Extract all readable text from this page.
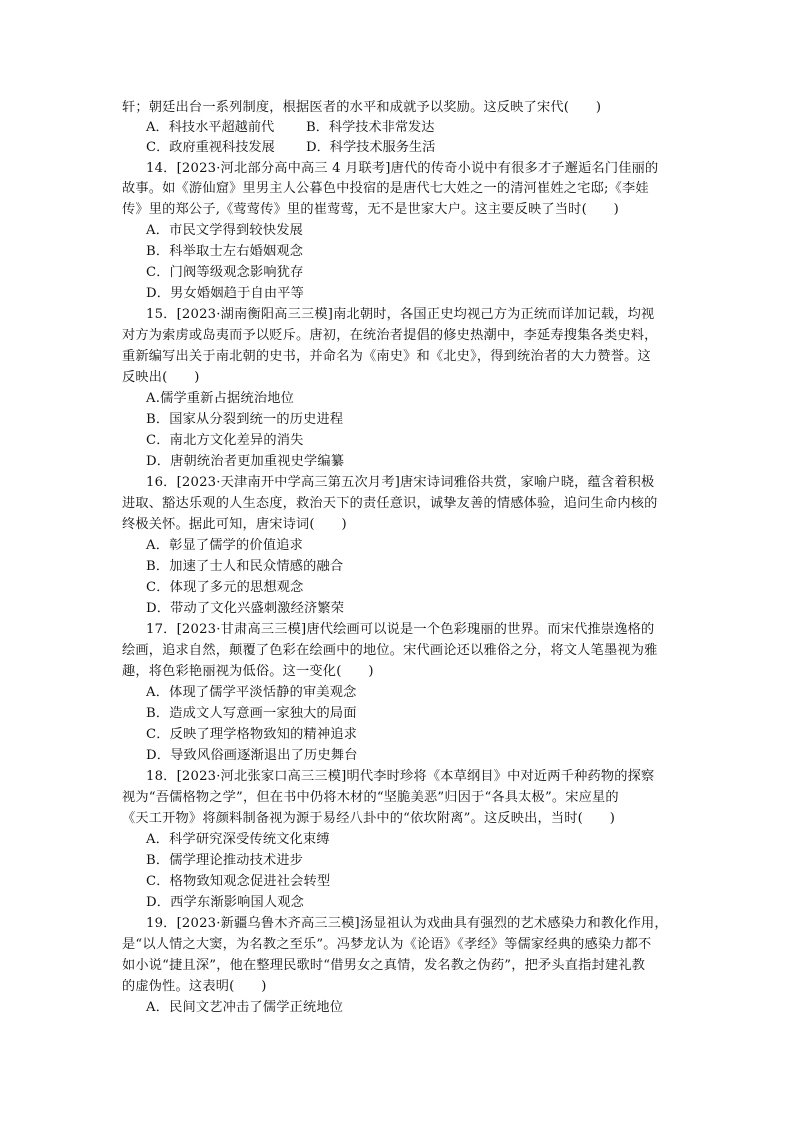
轩；朝廷出台一系列制度，根据医者的水平和成就予以奖励。这反映了宋代(　　)
A．科技水平超越前代 B．科学技术非常发达
C．政府重视科技发展 D．科学技术服务生活
14．[2023·河北部分高中高三 4 月联考]唐代的传奇小说中有很多才子邂逅名门佳丽的
故事。如《游仙窟》里男主人公暮色中投宿的是唐代七大姓之一的清河崔姓之宅邸;《李娃
传》里的郑公子,《莺莺传》里的崔莺莺，无不是世家大户。这主要反映了当时(　　)
A．市民文学得到较快发展
B．科举取士左右婚姻观念
C．门阀等级观念影响犹存
D．男女婚姻趋于自由平等
15．[2023·湖南衡阳高三三模]南北朝时，各国正史均视己方为正统而详加记载，均视
对方为索虏或岛夷而予以贬斥。唐初，在统治者提倡的修史热潮中，李延寿搜集各类史料，
重新编写出关于南北朝的史书，并命名为《南史》和《北史》，得到统治者的大力赞誉。这
反映出(　　)
A.儒学重新占据统治地位
B．国家从分裂到统一的历史进程
C．南北方文化差异的消失
D．唐朝统治者更加重视史学编纂
16．[2023·天津南开中学高三第五次月考]唐宋诗词雅俗共赏，家喻户晓，蕴含着积极
进取、豁达乐观的人生态度，救治天下的责任意识，诚挚友善的情感体验，追问生命内核的
终极关怀。据此可知，唐宋诗词(　　)
A．彰显了儒学的价值追求
B．加速了士人和民众情感的融合
C．体现了多元的思想观念
D．带动了文化兴盛刺激经济繁荣
17．[2023·甘肃高三三模]唐代绘画可以说是一个色彩瑰丽的世界。而宋代推崇逸格的
绘画，追求自然，颠覆了色彩在绘画中的地位。宋代画论还以雅俗之分，将文人笔墨视为雅
趣，将色彩艳丽视为低俗。这一变化(　　)
A．体现了儒学平淡恬静的审美观念
B．造成文人写意画一家独大的局面
C．反映了理学格物致知的精神追求
D．导致风俗画逐渐退出了历史舞台
18．[2023·河北张家口高三三模]明代李时珍将《本草纲目》中对近两千种药物的探察
视为“吾儒格物之学”，但在书中仍将木材的“坚脆美恶”归因于“各具太极”。宋应星的
《天工开物》将颜料制备视为源于易经八卦中的“依坎附离”。这反映出，当时(　　)
A．科学研究深受传统文化束缚
B．儒学理论推动技术进步
C．格物致知观念促进社会转型
D．西学东渐影响国人观念
19．[2023·新疆乌鲁木齐高三三模]汤显祖认为戏曲具有强烈的艺术感染力和教化作用，
是“以人情之大窦，为名教之至乐”。冯梦龙认为《论语》《孝经》等儒家经典的感染力都不
如小说“捷且深”，他在整理民歌时“借男女之真情，发名教之伪药”，把矛头直指封建礼教
的虚伪性。这表明(　　)
A．民间文艺冲击了儒学正统地位
